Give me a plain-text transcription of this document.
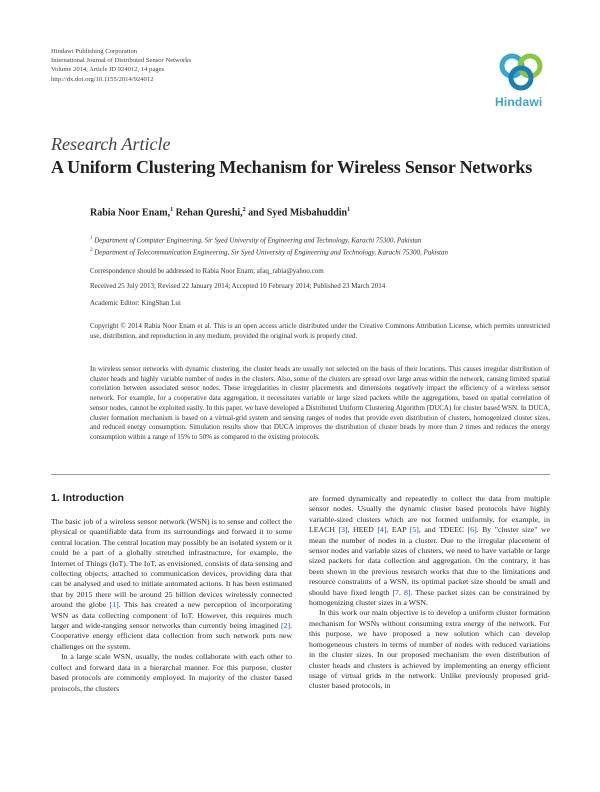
Hindawi Publishing Corporation
International Journal of Distributed Sensor Networks
Volume 2014, Article ID 924012, 14 pages
http://dx.doi.org/10.1155/2014/924012
Hindawi
Research Article
A Uniform Clustering Mechanism for Wireless Sensor Networks
Rabia Noor Enam,$^1$ Rehan Qureshi,$^2$ and Syed Misbahuddin$^1$
$^1$ Department of Computer Engineering, Sir Syed University of Engineering and Technology, Karachi 75300, Pakistan
$^2$ Department of Telecommunication Engineering, Sir Syed University of Engineering and Technology, Karachi 75300, Pakistan
Correspondence should be addressed to Rabia Noor Enam; afaq_rabia@yahoo.com
Received 25 July 2013; Revised 22 January 2014; Accepted 10 February 2014; Published 23 March 2014
Academic Editor: KingShan Lui
Copyright © 2014 Rabia Noor Enam et al. This is an open access article distributed under the Creative Commons Attribution License, which permits unrestricted use, distribution, and reproduction in any medium, provided the original work is properly cited.
In wireless sensor networks with dynamic clustering, the cluster heads are usually not selected on the basis of their locations. This causes irregular distribution of cluster heads and highly variable number of nodes in the clusters. Also, some of the clusters are spread over large areas within the network, causing limited spatial correlation between associated sensor nodes. These irregularities in cluster placements and dimensions negatively impact the efficiency of a wireless sensor network. For example, for a cooperative data aggregation, it necessitates variable or large sized packets while the aggregations, based on spatial correlation of sensor nodes, cannot be exploited easily. In this paper, we have developed a Distributed Uniform Clustering Algorithm (DUCA) for cluster based WSN. In DUCA, cluster formation mechanism is based on a virtual-grid system and sensing ranges of nodes that provide even distribution of clusters, homogenized cluster sizes, and reduced energy consumption. Simulation results show that DUCA improves the distribution of cluster heads by more than 2 times and reduces the energy consumption within a range of 15% to 50% as compared to the existing protocols.
1. Introduction

The basic job of a wireless sensor network (WSN) is to sense and collect the physical or quantifiable data from its surroundings and forward it to some central location. The central location may possibly be an isolated system or it could be a part of a globally stretched infrastructure, for example, the Internet of Things (IoT). The IoT, as envisioned, consists of data sensing and collecting objects, attached to communication devices, providing data that can be analysed and used to initiate automated actions. It has been estimated that by 2015 there will be around 25 billion devices wirelessly connected around the globe [1]. This has created a new perception of incorporating WSN as data collecting component of IoT. However, this requires much larger and wide-ranging sensor networks than currently being imagined [2]. Cooperative energy efficient data collection from such network puts new challenges on the system.

In a large scale WSN, usually, the nodes collaborate with each other to collect and forward data in a hierarchal manner. For this purpose, cluster based protocols are commonly employed. In majority of the cluster based protocols, the clusters

are formed dynamically and repeatedly to collect the data from multiple sensor nodes. Usually the dynamic cluster based protocols have highly variable-sized clusters which are not formed uniformly, for example, in LEACH [3], HEED [4], EAP [5], and TDEEC [6]. By "cluster size" we mean the number of nodes in a cluster. Due to the irregular placement of sensor nodes and variable sizes of clusters, we need to have variable or large sized packets for data collection and aggregation. On the contrary, it has been shown in the previous research works that due to the limitations and resource constraints of a WSN, its optimal packet size should be small and should have fixed length [7, 8]. These packet sizes can be constrained by homogenizing cluster sizes in a WSN.

In this work our main objective is to develop a uniform cluster formation mechanism for WSNs without consuming extra energy of the network. For this purpose, we have proposed a new solution which can develop homogeneous clusters in terms of number of nodes with reduced variations in the cluster sizes. In our proposed mechanism the even distribution of cluster heads and clusters is achieved by implementing an energy efficient usage of virtual grids in the network. Unlike previously proposed grid-cluster based protocols, in
